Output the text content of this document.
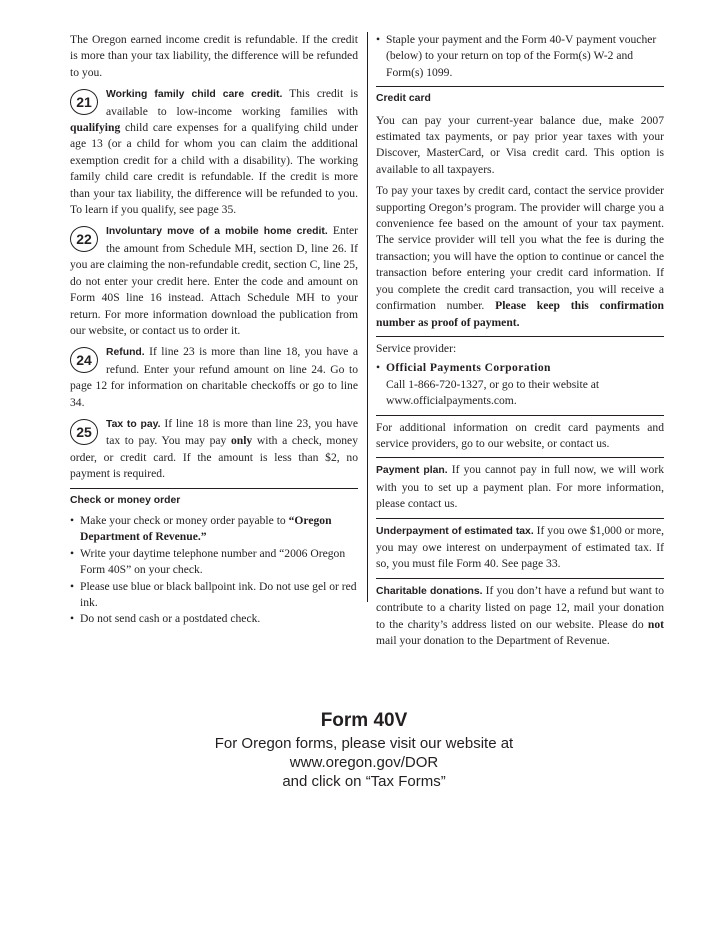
The Oregon earned income credit is refundable. If the credit is more than your tax liability, the difference will be refunded to you.

21	Working family child care credit. This credit is available to low-income working families with qualifying child care expenses for a qualifying child under age 13 (or a child for whom you can claim the additional exemption credit for a child with a disability). The working family child care credit is refundable. If the credit is more than your tax liability, the difference will be refunded to you. To learn if you qualify, see page 35.

22	Involuntary move of a mobile home credit. Enter the amount from Schedule MH, section D, line 26. If you are claiming the non-refundable credit, section C, line 25, do not enter your credit here. Enter the code and amount on Form 40S line 16 instead. Attach Schedule MH to your return. For more information download the publication from our website, or contact us to order it.

24	Refund. If line 23 is more than line 18, you have a refund. Enter your refund amount on line 24. Go to page 12 for information on charitable checkoffs or go to line 34.

25	Tax to pay. If line 18 is more than line 23, you have tax to pay. You may pay only with a check, money order, or credit card. If the amount is less than $2, no payment is required.

Check or money order
• Make your check or money order payable to “Oregon Department of Revenue.”
• Write your daytime telephone number and “2006 Oregon Form 40S” on your check.
• Please use blue or black ballpoint ink. Do not use gel or red ink.
• Do not send cash or a postdated check.
• Staple your payment and the Form 40-V payment voucher (below) to your return on top of the Form(s) W-2 and Form(s) 1099.
Credit card

You can pay your current-year balance due, make 2007 estimated tax payments, or pay prior year taxes with your Discover, MasterCard, or Visa credit card. This option is available to all taxpayers.

To pay your taxes by credit card, contact the service provider supporting Oregon’s program. The provider will charge you a convenience fee based on the amount of your tax payment. The service provider will tell you what the fee is during the transaction; you will have the option to continue or cancel the transaction before entering your credit card information. If you complete the credit card transaction, you will receive a confirmation number. Please keep this confirmation number as proof of payment.

Service provider:

• Official Payments Corporation
Call 1-866-720-1327, or go to their website at
www.officialpayments.com.

For additional information on credit card payments and service providers, go to our website, or contact us.

Payment plan. If you cannot pay in full now, we will work with you to set up a payment plan. For more information, please contact us.

Underpayment of estimated tax. If you owe $1,000 or more, you may owe interest on underpayment of estimated tax. If so, you must file Form 40. See page 33.

Charitable donations. If you don’t have a refund but want to contribute to a charity listed on page 12, mail your donation to the charity’s address listed on our website. Please do not mail your donation to the Department of Revenue.

Form 40V
For Oregon forms, please visit our website at
www.oregon.gov/DOR
and click on “Tax Forms”
